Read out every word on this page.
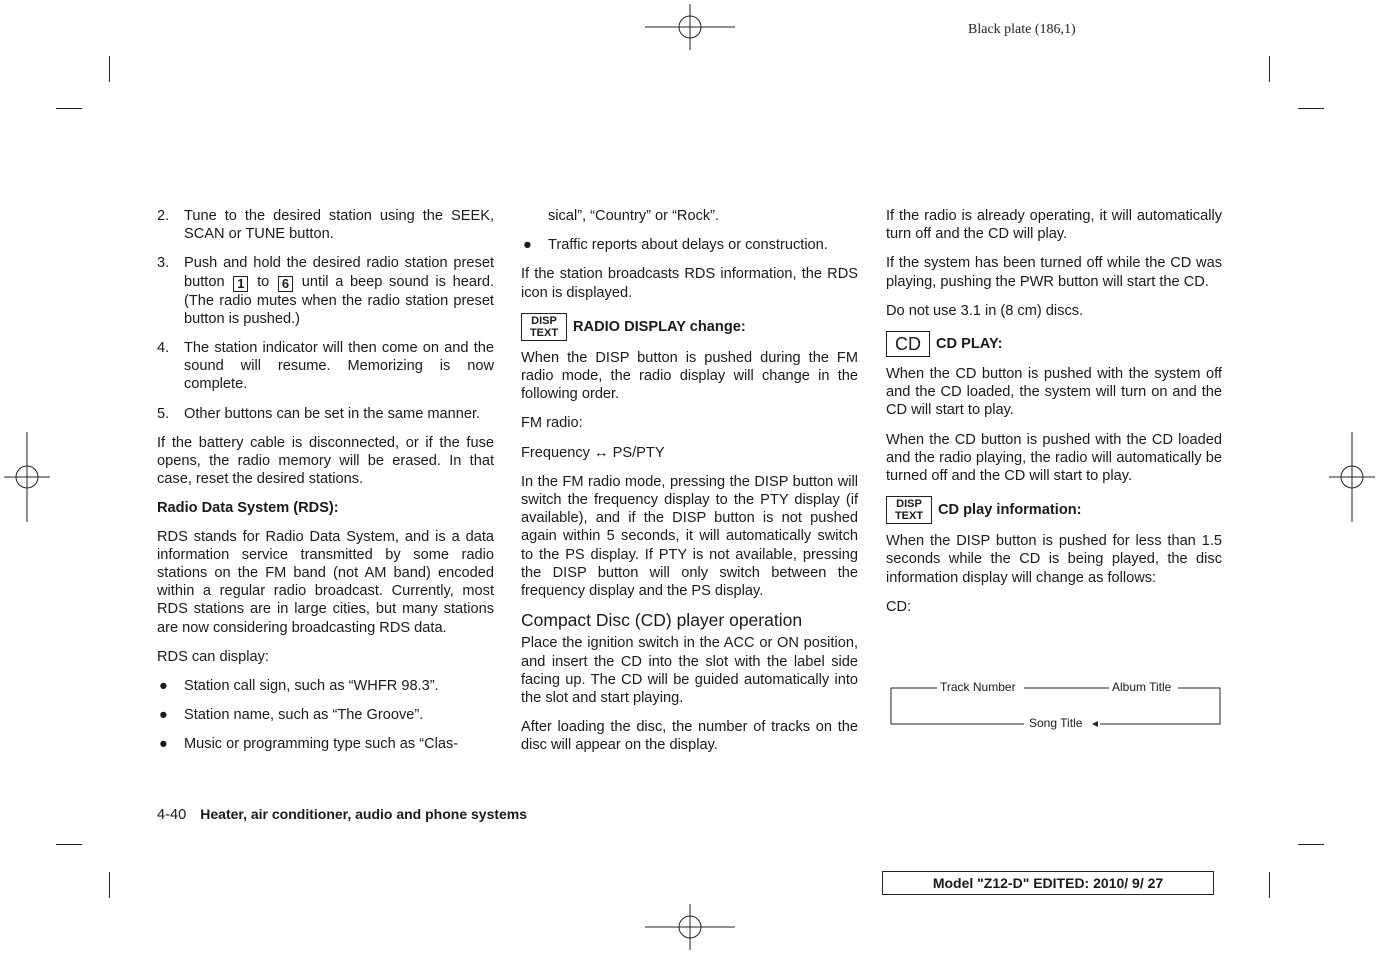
Black plate (186,1)
2. Tune to the desired station using the SEEK, SCAN or TUNE button.
3. Push and hold the desired radio station preset button 1 to 6 until a beep sound is heard. (The radio mutes when the radio station preset button is pushed.)
4. The station indicator will then come on and the sound will resume. Memorizing is now complete.
5. Other buttons can be set in the same manner.

If the battery cable is disconnected, or if the fuse opens, the radio memory will be erased. In that case, reset the desired stations.

Radio Data System (RDS):

RDS stands for Radio Data System, and is a data information service transmitted by some radio stations on the FM band (not AM band) encoded within a regular radio broadcast. Currently, most RDS stations are in large cities, but many stations are now considering broadcasting RDS data.

RDS can display:

● Station call sign, such as “WHFR 98.3”.
● Station name, such as “The Groove”.
● Music or programming type such as “Clas-
sical”, “Country” or “Rock”.
● Traffic reports about delays or construction.

If the station broadcasts RDS information, the RDS icon is displayed.

DISP
TEXT RADIO DISPLAY change:

When the DISP button is pushed during the FM radio mode, the radio display will change in the following order.

FM radio:

Frequency ↔ PS/PTY

In the FM radio mode, pressing the DISP button will switch the frequency display to the PTY display (if available), and if the DISP button is not pushed again within 5 seconds, it will automatically switch to the PS display. If PTY is not available, pressing the DISP button will only switch between the frequency display and the PS display.

Compact Disc (CD) player operation

Place the ignition switch in the ACC or ON position, and insert the CD into the slot with the label side facing up. The CD will be guided automatically into the slot and start playing.

After loading the disc, the number of tracks on the disc will appear on the display.

If the radio is already operating, it will automatically turn off and the CD will play.

If the system has been turned off while the CD was playing, pushing the PWR button will start the CD.

Do not use 3.1 in (8 cm) discs.

CD	CD PLAY:

When the CD button is pushed with the system off and the CD loaded, the system will turn on and the CD will start to play.

When the CD button is pushed with the CD loaded and the radio playing, the radio will automatically be turned off and the CD will start to play.

DISP
TEXT CD play information:

When the DISP button is pushed for less than 1.5 seconds while the CD is being played, the disc information display will change as follows:

CD:

Track Number	Album Title
Song Title
4-40 Heater, air conditioner, audio and phone systems
Model "Z12-D" EDITED: 2010/ 9/ 27
